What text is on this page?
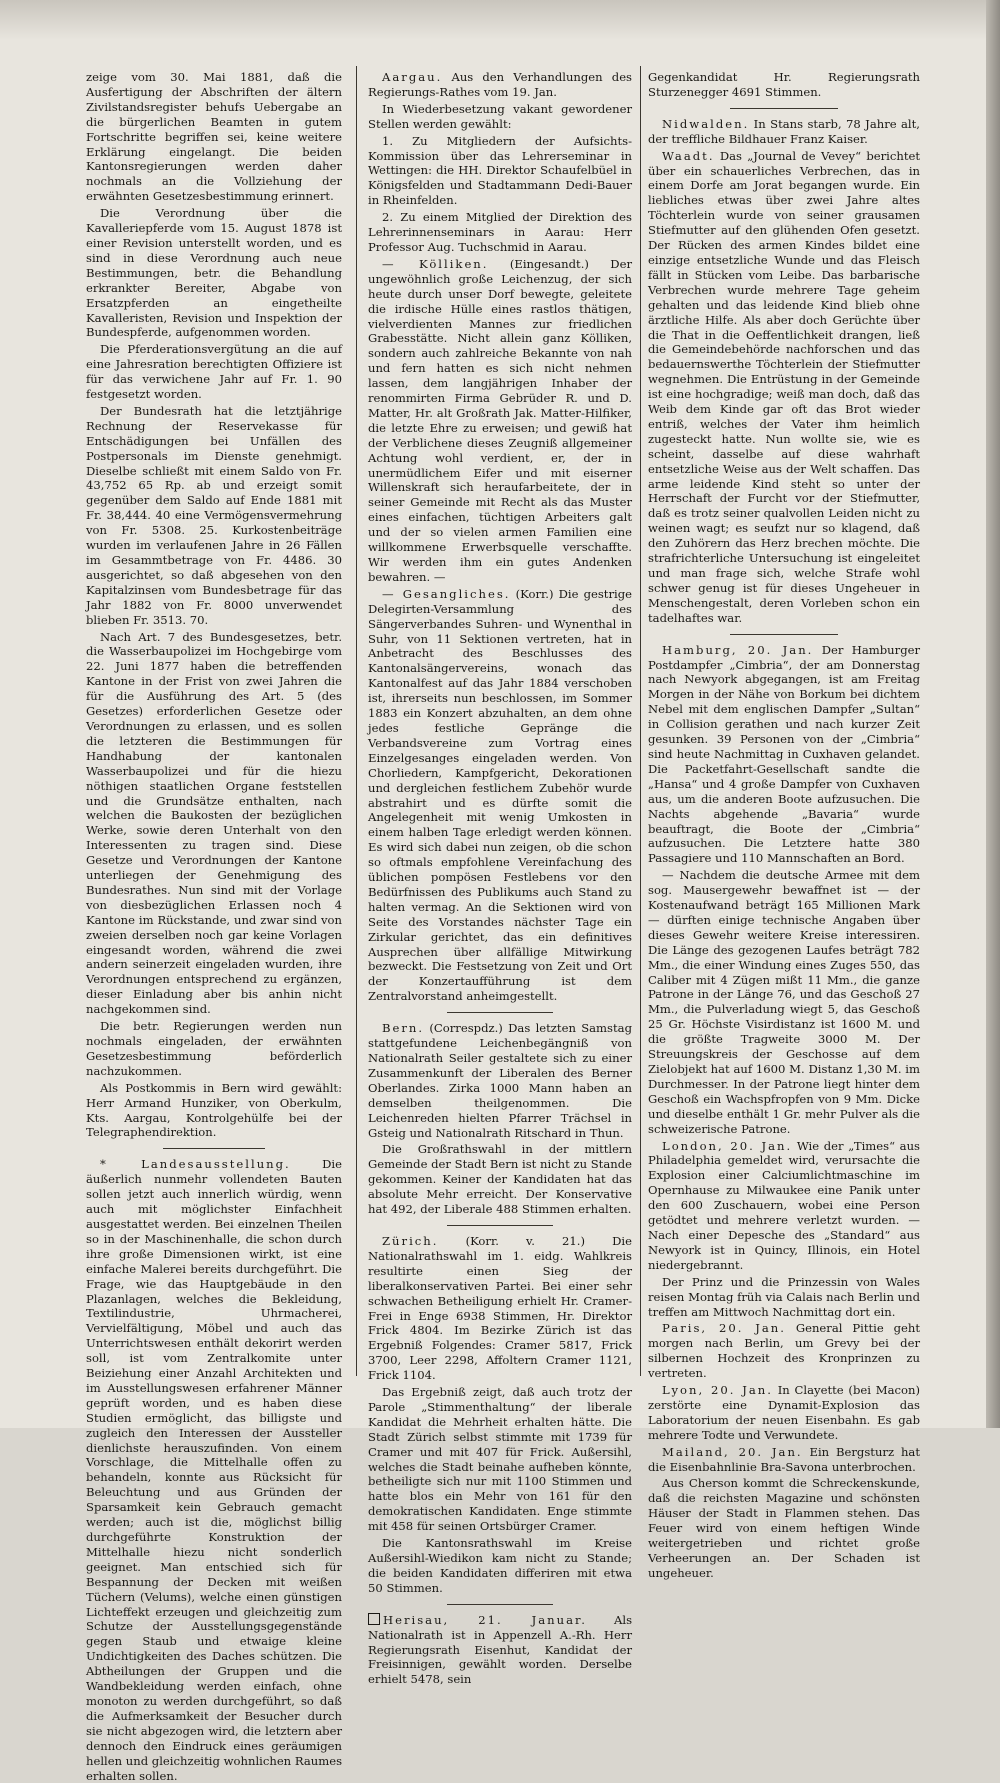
zeige vom 30. Mai 1881, daß die Ausfertigung der Abschriften der ältern Zivilstandsregister behufs Uebergabe an die bürgerlichen Beamten in gutem Fortschritte begriffen sei, keine weitere Erklärung eingelangt. Die beiden Kantonsregierungen werden daher nochmals an die Vollziehung der erwähnten Gesetzesbestimmung erinnert.

Die Verordnung über die Kavalleriepferde vom 15. August 1878 ist einer Revision unterstellt worden, und es sind in diese Verordnung auch neue Bestimmungen, betr. die Behandlung erkrankter Bereiter, Abgabe von Ersatzpferden an eingetheilte Kavalleristen, Revision und Inspektion der Bundespferde, aufgenommen worden.

Die Pferderationsvergütung an die auf eine Jahresration berechtigten Offiziere ist für das verwichene Jahr auf Fr. 1. 90 festgesetzt worden.

Der Bundesrath hat die letztjährige Rechnung der Reservekasse für Entschädigungen bei Unfällen des Postpersonals im Dienste genehmigt. Dieselbe schließt mit einem Saldo von Fr. 43,752 65 Rp. ab und erzeigt somit gegenüber dem Saldo auf Ende 1881 mit Fr. 38,444. 40 eine Vermögensvermehrung von Fr. 5308. 25. Kurkostenbeiträge wurden im verlaufenen Jahre in 26 Fällen im Gesammtbetrage von Fr. 4486. 30 ausgerichtet, so daß abgesehen von den Kapitalzinsen vom Bundesbetrage für das Jahr 1882 von Fr. 8000 unverwendet blieben Fr. 3513. 70.

Nach Art. 7 des Bundesgesetzes, betr. die Wasserbaupolizei im Hochgebirge vom 22. Juni 1877 haben die betreffenden Kantone in der Frist von zwei Jahren die für die Ausführung des Art. 5 (des Gesetzes) erforderlichen Gesetze oder Verordnungen zu erlassen, und es sollen die letzteren die Bestimmungen für Handhabung der kantonalen Wasserbaupolizei und für die hiezu nöthigen staatlichen Organe feststellen und die Grundsätze enthalten, nach welchen die Baukosten der bezüglichen Werke, sowie deren Unterhalt von den Interessenten zu tragen sind. Diese Gesetze und Verordnungen der Kantone unterliegen der Genehmigung des Bundesrathes. Nun sind mit der Vorlage von diesbezüglichen Erlassen noch 4 Kantone im Rückstande, und zwar sind von zweien derselben noch gar keine Vorlagen eingesandt worden, während die zwei andern seinerzeit eingeladen wurden, ihre Verordnungen entsprechend zu ergänzen, dieser Einladung aber bis anhin nicht nachgekommen sind.

Die betr. Regierungen werden nun nochmals eingeladen, der erwähnten Gesetzesbestimmung beförderlich nachzukommen.

Als Postkommis in Bern wird gewählt: Herr Armand Hunziker, von Oberkulm, Kts. Aargau, Kontrolgehülfe bei der Telegraphendirektion.

* Landesausstellung.	Die äußerlich nunmehr vollendeten Bauten sollen jetzt auch innerlich würdig, wenn auch mit möglichster Einfachheit ausgestattet werden. Bei einzelnen Theilen so in der Maschinenhalle, die schon durch ihre große Dimensionen wirkt, ist eine einfache Malerei bereits durchgeführt. Die Frage, wie das Hauptgebäude in den Plazanlagen, welches die Bekleidung, Textilindustrie, Uhrmacherei, Vervielfältigung, Möbel und auch das Unterrichtswesen enthält dekorirt werden soll, ist vom Zentralkomite unter Beiziehung einer Anzahl Architekten und im Ausstellungswesen erfahrener Männer geprüft worden, und es haben diese Studien ermöglicht, das billigste und zugleich den Interessen der Aussteller dienlichste herauszufinden. Von einem Vorschlage, die Mittelhalle offen zu behandeln, konnte aus Rücksicht für Beleuchtung und aus Gründen der Sparsamkeit kein Gebrauch gemacht werden; auch ist die, möglichst billig durchgeführte Konstruktion der Mittelhalle hiezu nicht sonderlich geeignet. Man entschied sich für Bespannung der Decken mit weißen Tüchern (Velums), welche einen günstigen Lichteffekt erzeugen und gleichzeitig zum Schutze der Ausstellungsgegenstände gegen Staub und etwaige kleine Undichtigkeiten des Daches schützen. Die Abtheilungen der Gruppen und die Wandbekleidung werden einfach, ohne monoton zu werden durchgeführt, so daß die Aufmerksamkeit der Besucher durch sie nicht abgezogen wird, die letztern aber dennoch den Eindruck eines geräumigen hellen und gleichzeitig wohnlichen Raumes erhalten sollen.

Aargau. Aus den Verhandlungen des Regierungs-Rathes vom 19. Jan.

In Wiederbesetzung vakant gewordener Stellen werden gewählt:

1. Zu Mitgliedern der Aufsichts-Kommission über das Lehrerseminar in Wettingen: die HH. Direktor Schaufelbüel in Königsfelden und Stadtammann Dedi-Bauer in Rheinfelden.

2. Zu einem Mitglied der Direktion des Lehrerinnenseminars in Aarau: Herr Professor Aug. Tuchschmid in Aarau.

— Kölliken. (Eingesandt.) Der ungewöhnlich große Leichenzug, der sich heute durch unser Dorf bewegte, geleitete die irdische Hülle eines rastlos thätigen, vielverdienten Mannes zur friedlichen Grabesstätte. Nicht allein ganz Kölliken, sondern auch zahlreiche Bekannte von nah und fern hatten es sich nicht nehmen lassen, dem langjährigen Inhaber der renommirten Firma Gebrüder R. und D. Matter, Hr. alt Großrath Jak. Matter-Hilfiker, die letzte Ehre zu erweisen; und gewiß hat der Verblichene dieses Zeugniß allgemeiner Achtung wohl verdient, er, der in unermüdlichem Eifer und mit eiserner Willenskraft sich heraufarbeitete, der in seiner Gemeinde mit Recht als das Muster eines einfachen, tüchtigen Arbeiters galt und der so vielen armen Familien eine willkommene Erwerbsquelle verschaffte. Wir werden ihm ein gutes Andenken bewahren. —

— Gesangliches. (Korr.) Die gestrige Delegirten-Versammlung des Sängerverbandes Suhren- und Wynenthal in Suhr, von 11 Sektionen vertreten, hat in Anbetracht des Beschlusses des Kantonalsängervereins, wonach das Kantonalfest auf das Jahr 1884 verschoben ist, ihrerseits nun beschlossen, im Sommer 1883 ein Konzert abzuhalten, an dem ohne jedes festliche Gepränge die Verbandsvereine zum Vortrag eines Einzelgesanges eingeladen werden. Von Chorliedern, Kampfgericht, Dekorationen und dergleichen festlichem Zubehör wurde abstrahirt und es dürfte somit die Angelegenheit mit wenig Umkosten in einem halben Tage erledigt werden können. Es wird sich dabei nun zeigen, ob die schon so oftmals empfohlene Vereinfachung des üblichen pompösen Festlebens vor den Bedürfnissen des Publikums auch Stand zu halten vermag. An die Sektionen wird von Seite des Vorstandes nächster Tage ein Zirkular gerichtet, das ein definitives Ausprechen über allfällige Mitwirkung bezweckt. Die Festsetzung von Zeit und Ort der Konzertaufführung ist dem Zentralvorstand anheimgestellt.

Bern. (Correspdz.) Das letzten Samstag stattgefundene Leichenbegängniß von Nationalrath Seiler gestaltete sich zu einer Zusammenkunft der Liberalen des Berner Oberlandes. Zirka 1000 Mann haben an demselben theilgenommen. Die Leichenreden hielten Pfarrer Trächsel in Gsteig und Nationalrath Ritschard in Thun.

Die Großrathswahl in der mittlern Gemeinde der Stadt Bern ist nicht zu Stande gekommen. Keiner der Kandidaten hat das absolute Mehr erreicht. Der Konservative hat 492, der Liberale 488 Stimmen erhalten.

Zürich. (Korr. v. 21.) Die Nationalrathswahl im 1. eidg. Wahlkreis resultirte einen Sieg der liberalkonservativen Partei. Bei einer sehr schwachen Betheiligung erhielt Hr. Cramer-Frei in Enge 6938 Stimmen, Hr. Direktor Frick 4804. Im Bezirke Zürich ist das Ergebniß Folgendes: Cramer 5817, Frick 3700, Leer 2298, Affoltern Cramer 1121, Frick 1104.

Das Ergebniß zeigt, daß auch trotz der Parole „Stimmenthaltung“ der liberale Kandidat die Mehrheit erhalten hätte. Die Stadt Zürich selbst stimmte mit 1739 für Cramer und mit 407 für Frick. Außersihl, welches die Stadt beinahe aufheben könnte, betheiligte sich nur mit 1100 Stimmen und hatte blos ein Mehr von 161 für den demokratischen Kandidaten. Enge stimmte mit 458 für seinen Ortsbürger Cramer.

Die Kantonsrathswahl im Kreise Außersihl-Wiedikon kam nicht zu Stande; die beiden Kandidaten differiren mit etwa 50 Stimmen.

Herisau, 21. Januar. Als Nationalrath ist in Appenzell A.-Rh. Herr Regierungsrath Eisenhut, Kandidat der Freisinnigen, gewählt worden. Derselbe erhielt 5478, sein

Gegenkandidat Hr. Regierungsrath Sturzenegger 4691 Stimmen.

Nidwalden. In Stans starb, 78 Jahre alt, der treffliche Bildhauer Franz Kaiser.

Waadt. Das „Journal de Vevey“ berichtet über ein schauerliches Verbrechen, das in einem Dorfe am Jorat begangen wurde. Ein liebliches etwas über zwei Jahre altes Töchterlein wurde von seiner grausamen Stiefmutter auf den glühenden Ofen gesetzt. Der Rücken des armen Kindes bildet eine einzige entsetzliche Wunde und das Fleisch fällt in Stücken vom Leibe. Das barbarische Verbrechen wurde mehrere Tage geheim gehalten und das leidende Kind blieb ohne ärztliche Hilfe. Als aber doch Gerüchte über die That in die Oeffentlichkeit drangen, ließ die Gemeindebehörde nachforschen und das bedauernswerthe Töchterlein der Stiefmutter wegnehmen. Die Entrüstung in der Gemeinde ist eine hochgradige; weiß man doch, daß das Weib dem Kinde gar oft das Brot wieder entriß, welches der Vater ihm heimlich zugesteckt hatte. Nun wollte sie, wie es scheint, dasselbe auf diese wahrhaft entsetzliche Weise aus der Welt schaffen. Das arme leidende Kind steht so unter der Herrschaft der Furcht vor der Stiefmutter, daß es trotz seiner qualvollen Leiden nicht zu weinen wagt; es seufzt nur so klagend, daß den Zuhörern das Herz brechen möchte. Die strafrichterliche Untersuchung ist eingeleitet und man frage sich, welche Strafe wohl schwer genug ist für dieses Ungeheuer in Menschengestalt, deren Vorleben schon ein tadelhaftes war.

Hamburg, 20. Jan. Der Hamburger Postdampfer „Cimbria“, der am Donnerstag nach Newyork abgegangen, ist am Freitag Morgen in der Nähe von Borkum bei dichtem Nebel mit dem englischen Dampfer „Sultan“ in Collision gerathen und nach kurzer Zeit gesunken. 39 Personen von der „Cimbria“ sind heute Nachmittag in Cuxhaven gelandet. Die Packetfahrt-Gesellschaft sandte die „Hansa“ und 4 große Dampfer von Cuxhaven aus, um die anderen Boote aufzusuchen. Die Nachts abgehende „Bavaria“ wurde beauftragt, die Boote der „Cimbria“ aufzusuchen. Die Letztere hatte 380 Passagiere und 110 Mannschaften an Bord.

— Nachdem die deutsche Armee mit dem sog. Mausergewehr bewaffnet ist — der Kostenaufwand beträgt 165 Millionen Mark — dürften einige technische Angaben über dieses Gewehr weitere Kreise interessiren. Die Länge des gezogenen Laufes beträgt 782 Mm., die einer Windung eines Zuges 550, das Caliber mit 4 Zügen mißt 11 Mm., die ganze Patrone in der Länge 76, und das Geschoß 27 Mm., die Pulverladung wiegt 5, das Geschoß 25 Gr. Höchste Visirdistanz ist 1600 M. und die größte Tragweite 3000 M. Der Streuungskreis der Geschosse auf dem Zielobjekt hat auf 1600 M. Distanz 1,30 M. im Durchmesser. In der Patrone liegt hinter dem Geschoß ein Wachspfropfen von 9 Mm. Dicke und dieselbe enthält 1 Gr. mehr Pulver als die schweizerische Patrone.

London, 20. Jan. Wie der „Times“ aus Philadelphia gemeldet wird, verursachte die Explosion einer Calciumlichtmaschine im Opernhause zu Milwaukee eine Panik unter den 600 Zuschauern, wobei eine Person getödtet und mehrere verletzt wurden. — Nach einer Depesche des „Standard“ aus Newyork ist in Quincy, Illinois, ein Hotel niedergebrannt.

Der Prinz und die Prinzessin von Wales reisen Montag früh via Calais nach Berlin und treffen am Mittwoch Nachmittag dort ein.

Paris, 20. Jan. General Pittie geht morgen nach Berlin, um Grevy bei der silbernen Hochzeit des Kronprinzen zu vertreten.

Lyon, 20. Jan. In Clayette (bei Macon) zerstörte eine Dynamit-Explosion das Laboratorium der neuen Eisenbahn. Es gab mehrere Todte und Verwundete.

Mailand, 20. Jan. Ein Bergsturz hat die Eisenbahnlinie Bra-Savona unterbrochen.

Aus Cherson kommt die Schreckenskunde, daß die reichsten Magazine und schönsten Häuser der Stadt in Flammen stehen. Das Feuer wird von einem heftigen Winde weitergetrieben und richtet große Verheerungen an. Der Schaden ist ungeheuer.
